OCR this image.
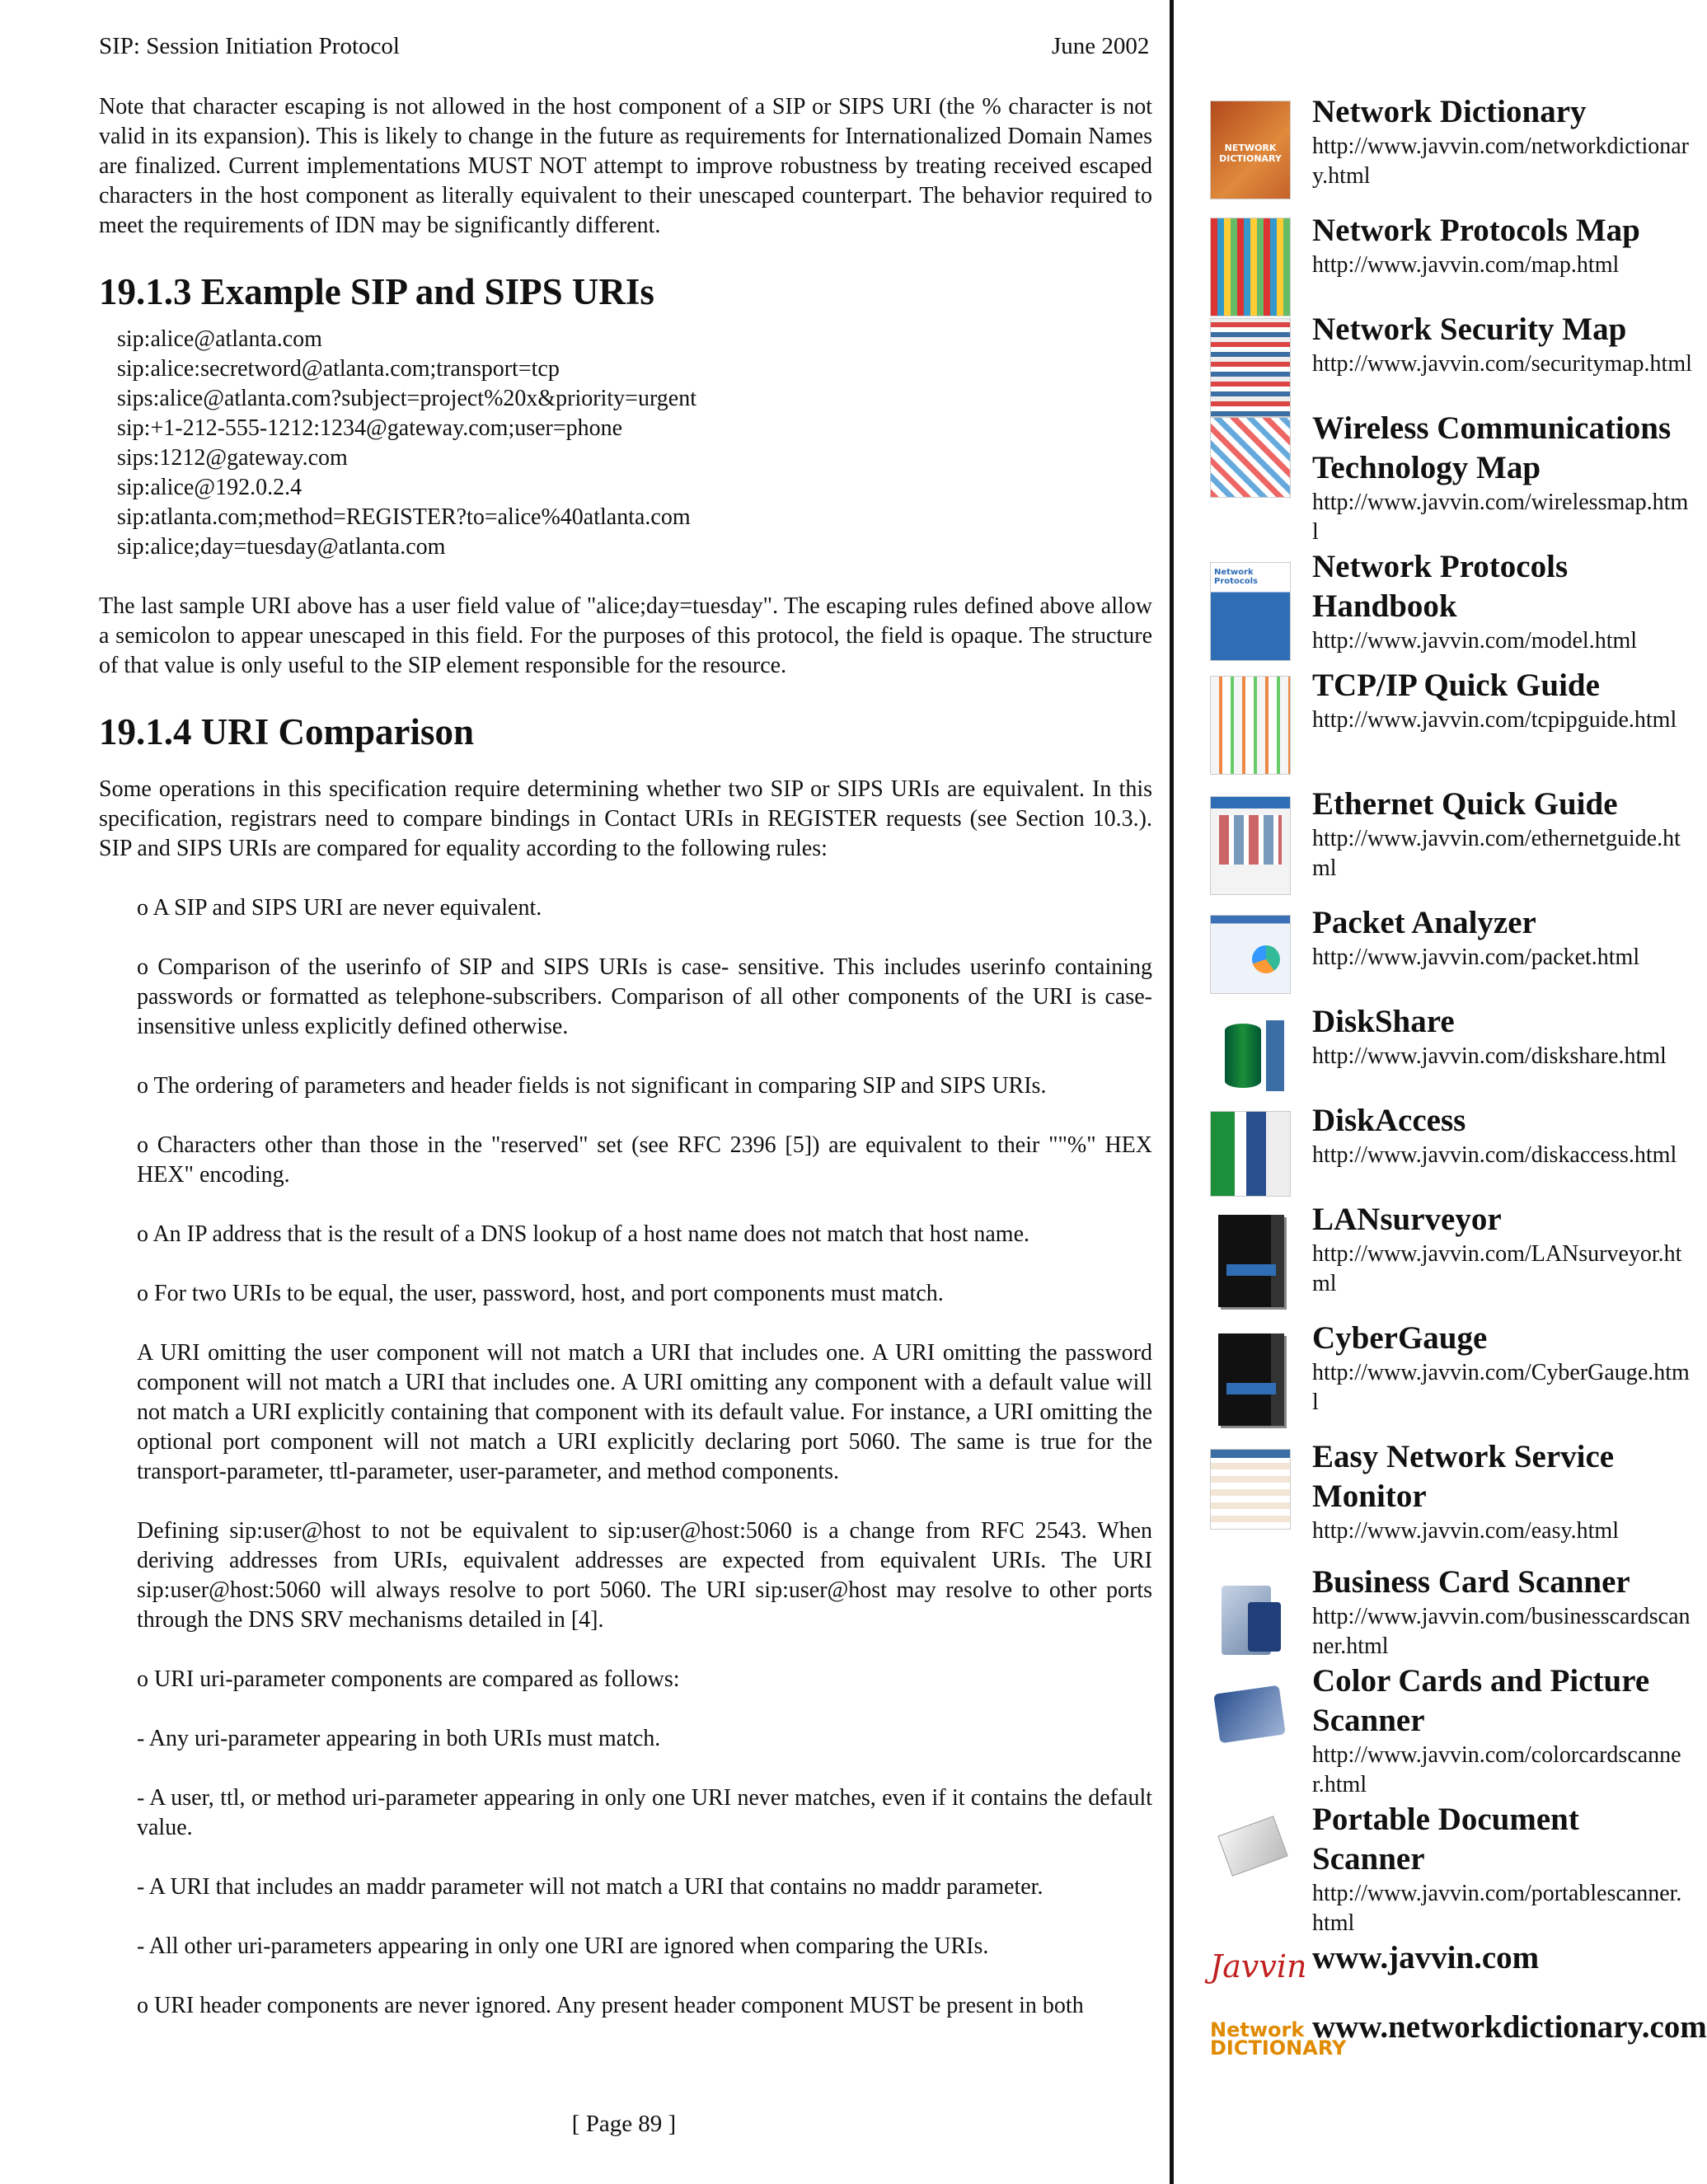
SIP: Session Initiation Protocol	June 2002

Note that character escaping is not allowed in the host component of a SIP or SIPS URI (the % character is not valid in its expansion). This is likely to change in the future as requirements for Internationalized Domain Names are finalized. Current implementations MUST NOT attempt to improve robustness by treating received escaped characters in the host component as literally equivalent to their unescaped counterpart. The behavior required to meet the requirements of IDN may be significantly different.

19.1.3 Example SIP and SIPS URIs
sip:alice@atlanta.com
sip:alice:secretword@atlanta.com;transport=tcp
sips:alice@atlanta.com?subject=project%20x&priority=urgent
sip:+1-212-555-1212:1234@gateway.com;user=phone
sips:1212@gateway.com
sip:alice@192.0.2.4
sip:atlanta.com;method=REGISTER?to=alice%40atlanta.com
sip:alice;day=tuesday@atlanta.com

The last sample URI above has a user field value of "alice;day=tuesday". The escaping rules defined above allow a semicolon to appear unescaped in this field. For the purposes of this protocol, the field is opaque. The structure of that value is only useful to the SIP element responsible for the resource.

19.1.4 URI Comparison

Some operations in this specification require determining whether two SIP or SIPS URIs are equivalent. In this specification, registrars need to compare bindings in Contact URIs in REGISTER requests (see Section 10.3.). SIP and SIPS URIs are compared for equality according to the following rules:

o A SIP and SIPS URI are never equivalent.

o Comparison of the userinfo of SIP and SIPS URIs is case- sensitive. This includes userinfo containing passwords or formatted as telephone-subscribers. Comparison of all other components of the URI is case-insensitive unless explicitly defined otherwise.

o The ordering of parameters and header fields is not significant in comparing SIP and SIPS URIs.

o Characters other than those in the "reserved" set (see RFC 2396 [5]) are equivalent to their ""%" HEX HEX" encoding.

o An IP address that is the result of a DNS lookup of a host name does not match that host name.

o For two URIs to be equal, the user, password, host, and port components must match.

A URI omitting the user component will not match a URI that includes one. A URI omitting the password component will not match a URI that includes one. A URI omitting any component with a default value will not match a URI explicitly containing that component with its default value. For instance, a URI omitting the optional port component will not match a URI explicitly declaring port 5060. The same is true for the transport-parameter, ttl-parameter, user-parameter, and method components.

Defining sip:user@host to not be equivalent to sip:user@host:5060 is a change from RFC 2543. When deriving addresses from URIs, equivalent addresses are expected from equivalent URIs. The URI sip:user@host:5060 will always resolve to port 5060. The URI sip:user@host may resolve to other ports through the DNS SRV mechanisms detailed in [4].

o URI uri-parameter components are compared as follows:

- Any uri-parameter appearing in both URIs must match.

- A user, ttl, or method uri-parameter appearing in only one URI never matches, even if it contains the default value.

- A URI that includes an maddr parameter will not match a URI that contains no maddr parameter.

- All other uri-parameters appearing in only one URI are ignored when comparing the URIs.

o URI header components are never ignored. Any present header component MUST be present in both

[ Page 89 ]
NETWORK DICTIONARY
Network Dictionary
http://www.javvin.com/networkdictionary.html
Network Protocols Map
http://www.javvin.com/map.html
Network Security Map
http://www.javvin.com/securitymap.html
Wireless Communications Technology Map
http://www.javvin.com/wirelessmap.html
Network Protocols	Network Protocols Handbook
http://www.javvin.com/model.html
TCP/IP Quick Guide
http://www.javvin.com/tcpipguide.html
Ethernet Quick Guide
http://www.javvin.com/ethernetguide.html
Packet Analyzer
http://www.javvin.com/packet.html
DiskShare
http://www.javvin.com/diskshare.html
DiskAccess
http://www.javvin.com/diskaccess.html
LANsurveyor
http://www.javvin.com/LANsurveyor.html
CyberGauge
http://www.javvin.com/CyberGauge.html
Easy Network Service Monitor
http://www.javvin.com/easy.html
Business Card Scanner
http://www.javvin.com/businesscardscanner.html
Color Cards and Picture Scanner
http://www.javvin.com/colorcardscanner.html
Portable Document Scanner
http://www.javvin.com/portablescanner.html
Javvin www.javvin.com
Network DICTIONARY
www.networkdictionary.com
